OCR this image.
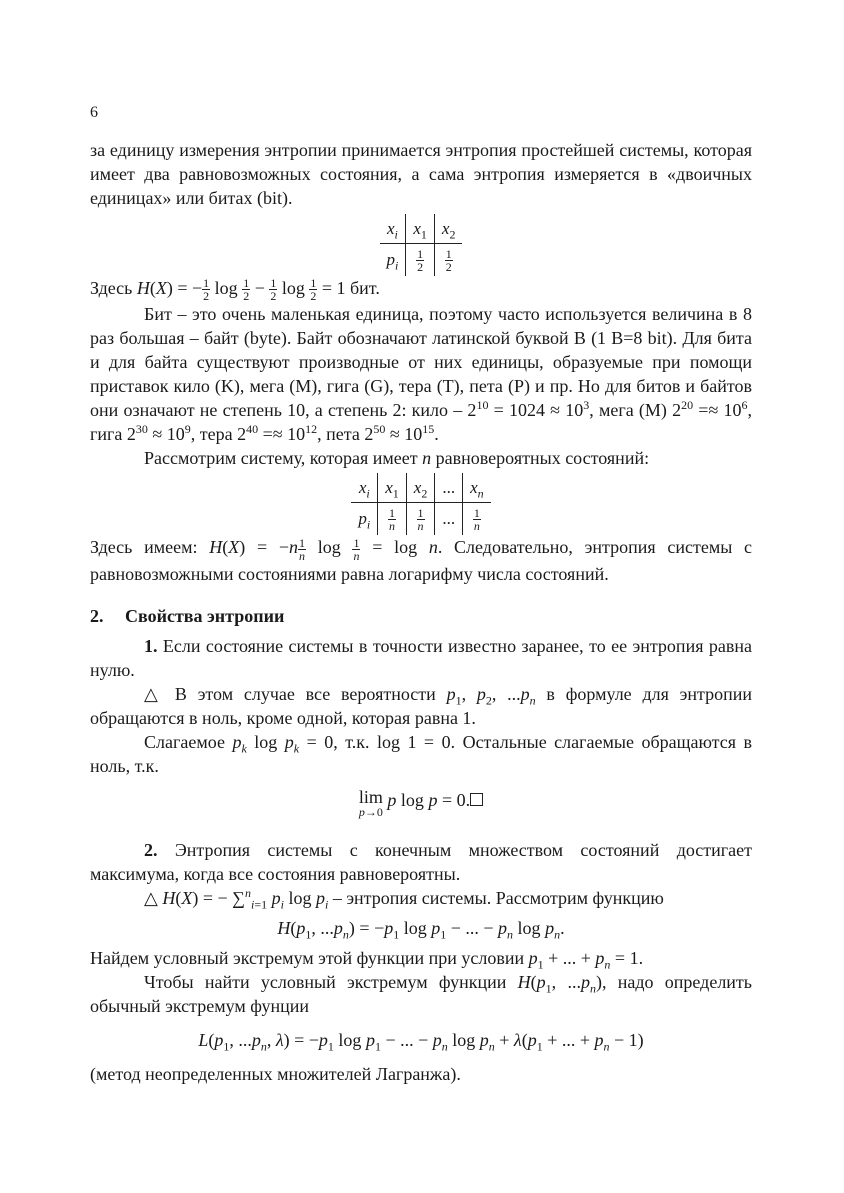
6

за единицу измерения энтропии принимается энтропия простейшей системы, которая имеет два равновозможных состояния, а сама энтропия измеряется в «двоичных единицах» или битах (bit).

$x_i$	$x_1$	$x_2$
$p_i$	$\frac{1}{2}$	$\frac{1}{2}$

Здесь H(X) = − $\frac{1}{2}$ $\log \frac{1}{2} - \frac{1}{2}$ $\log \frac{1}{2} = 1$ бит.

Бит – это очень маленькая единица, поэтому часто используется величина в 8 раз большая – байт (byte). Байт обозначают латинской буквой B (1 B=8 bit). Для бита и для байта существуют производные от них единицы, образуемые при помощи приставок кило (K), мега (M), гига (G), тера (T), пета (P) и пр. Но для битов и байтов они означают не степень 10, а степень 2: кило – $2^{10} = 1024 \approx 10^3$, мега (M) $2^{20} =\approx 10^6$, гига $2^{30} \approx 10^9$, тера $2^{40} =\approx 10^{12}$, пета $2^{50} \approx 10^{15}$.

Рассмотрим систему, которая имеет n равновероятных состояний:

$x_i$	$x_1$	$x_2$	...	$x_n$
$p_i$	$\frac{1}{n}$	$\frac{1}{n}$	...	$\frac{1}{n}$

Здесь имеем: $H(X) = -n \frac{1}{n}$ $\log \frac{1}{n} = \log n$. Следовательно, энтропия системы с равновозможными состояниями равна логарифму числа состояний.

2. Свойства энтропии

1. Если состояние системы в точности известно заранее, то ее энтропия равна нулю.

△ В этом случае все вероятности $p_1$, $p_2$, $...p_n$ в формуле для энтропии обращаются в ноль, кроме одной, которая равна 1.

Слагаемое $p_k$ $\log p_k = 0$, т.к. log 1 = 0. Остальные слагаемые обращаются в ноль, т.к.

lim
p→0
p log p = 0.

2. Энтропия системы с конечным множеством состояний достигает максимума, когда все состояния равновероятны.

△ H(X) = − ∑$^n_{i=1}$ $p_i$ $\log p_i$ – энтропия системы. Рассмотрим функцию

$H(p_1$, $...p_n) = -p_1$ $\log p_1$ − ... − $p_n$ $\log p_n$.

Найдем условный экстремум этой функции при условии $p_1$ + ... + $p_n = 1$.

Чтобы найти условный экстремум функции $H(p_1$, $...p_n$), надо определить обычный экстремум фунции

$L(p_1$, $...p_n$, $\lambda) = -p_1$ $\log p_1$ − ... − $p_n$ $\log p_n + \lambda(p_1$ + ... + $p_n - 1$)

(метод неопределенных множителей Лагранжа).
